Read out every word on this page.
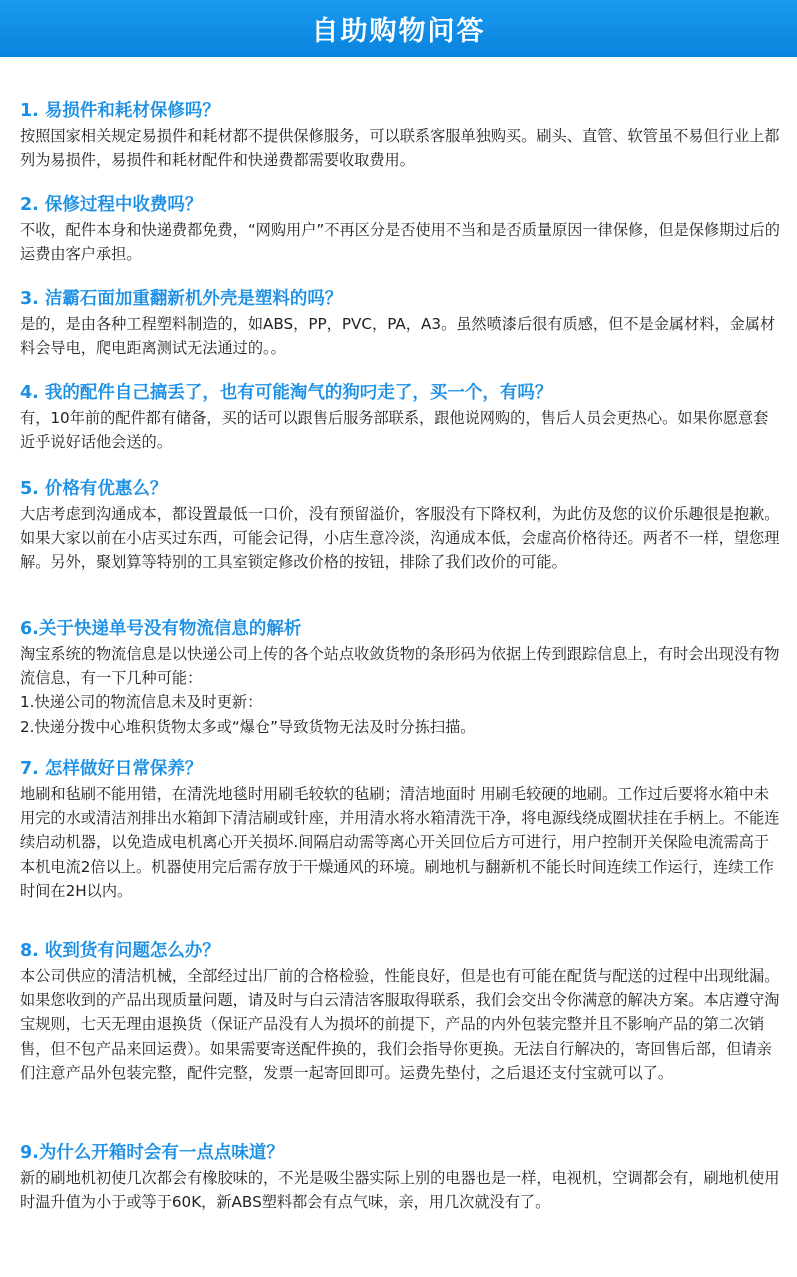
自助购物问答
1. 易损件和耗材保修吗？

按照国家相关规定易损件和耗材都不提供保修服务，可以联系客服单独购买。刷头、直管、软管虽不易但行业上都列为易损件，易损件和耗材配件和快递费都需要收取费用。

2. 保修过程中收费吗？

不收，配件本身和快递费都免费，“网购用户”不再区分是否使用不当和是否质量原因一律保修，但是保修期过后的运费由客户承担。

3. 洁霸石面加重翻新机外壳是塑料的吗？

是的，是由各种工程塑料制造的，如ABS，PP，PVC，PA，A3。虽然喷漆后很有质感，但不是金属材料，金属材料会导电，爬电距离测试无法通过的。。

4. 我的配件自己搞丢了，也有可能淘气的狗叼走了，买一个，有吗？

有，10年前的配件都有储备，买的话可以跟售后服务部联系，跟他说网购的，售后人员会更热心。如果你愿意套近乎说好话他会送的。

5. 价格有优惠么？

大店考虑到沟通成本，都设置最低一口价，没有预留溢价，客服没有下降权利，为此仿及您的议价乐趣很是抱歉。如果大家以前在小店买过东西，可能会记得，小店生意冷淡，沟通成本低，会虚高价格待还。两者不一样，望您理解。另外，聚划算等特别的工具室锁定修改价格的按钮，排除了我们改价的可能。

6.关于快递单号没有物流信息的解析

淘宝系统的物流信息是以快递公司上传的各个站点收敛货物的条形码为依据上传到跟踪信息上，有时会出现没有物流信息，有一下几种可能：

1.快递公司的物流信息未及时更新：

2.快递分拨中心堆积货物太多或“爆仓”导致货物无法及时分拣扫描。

7. 怎样做好日常保养？

地刷和毡刷不能用错，在清洗地毯时用刷毛较软的毡刷；清洁地面时 用刷毛较硬的地刷。工作过后要将水箱中未用完的水或清洁剂排出水箱卸下清洁刷或针座，并用清水将水箱清洗干净，将电源线绕成圈状挂在手柄上。不能连续启动机器，以免造成电机离心开关损坏.间隔启动需等离心开关回位后方可进行，用户控制开关保险电流需高于本机电流2倍以上。机器使用完后需存放于干燥通风的环境。刷地机与翻新机不能长时间连续工作运行，连续工作时间在2H以内。

8. 收到货有问题怎么办？

本公司供应的清洁机械，全部经过出厂前的合格检验，性能良好，但是也有可能在配货与配送的过程中出现纰漏。如果您收到的产品出现质量问题，请及时与白云清洁客服取得联系，我们会交出令你满意的解决方案。本店遵守淘宝规则，七天无理由退换货（保证产品没有人为损坏的前提下，产品的内外包装完整并且不影响产品的第二次销售，但不包产品来回运费）。如果需要寄送配件换的，我们会指导你更换。无法自行解决的，寄回售后部，但请亲们注意产品外包装完整，配件完整，发票一起寄回即可。运费先垫付，之后退还支付宝就可以了。

9.为什么开箱时会有一点点味道？

新的刷地机初使几次都会有橡胶味的，不光是吸尘器实际上别的电器也是一样，电视机，空调都会有，刷地机使用时温升值为小于或等于60K，新ABS塑料都会有点气味，亲，用几次就没有了。
